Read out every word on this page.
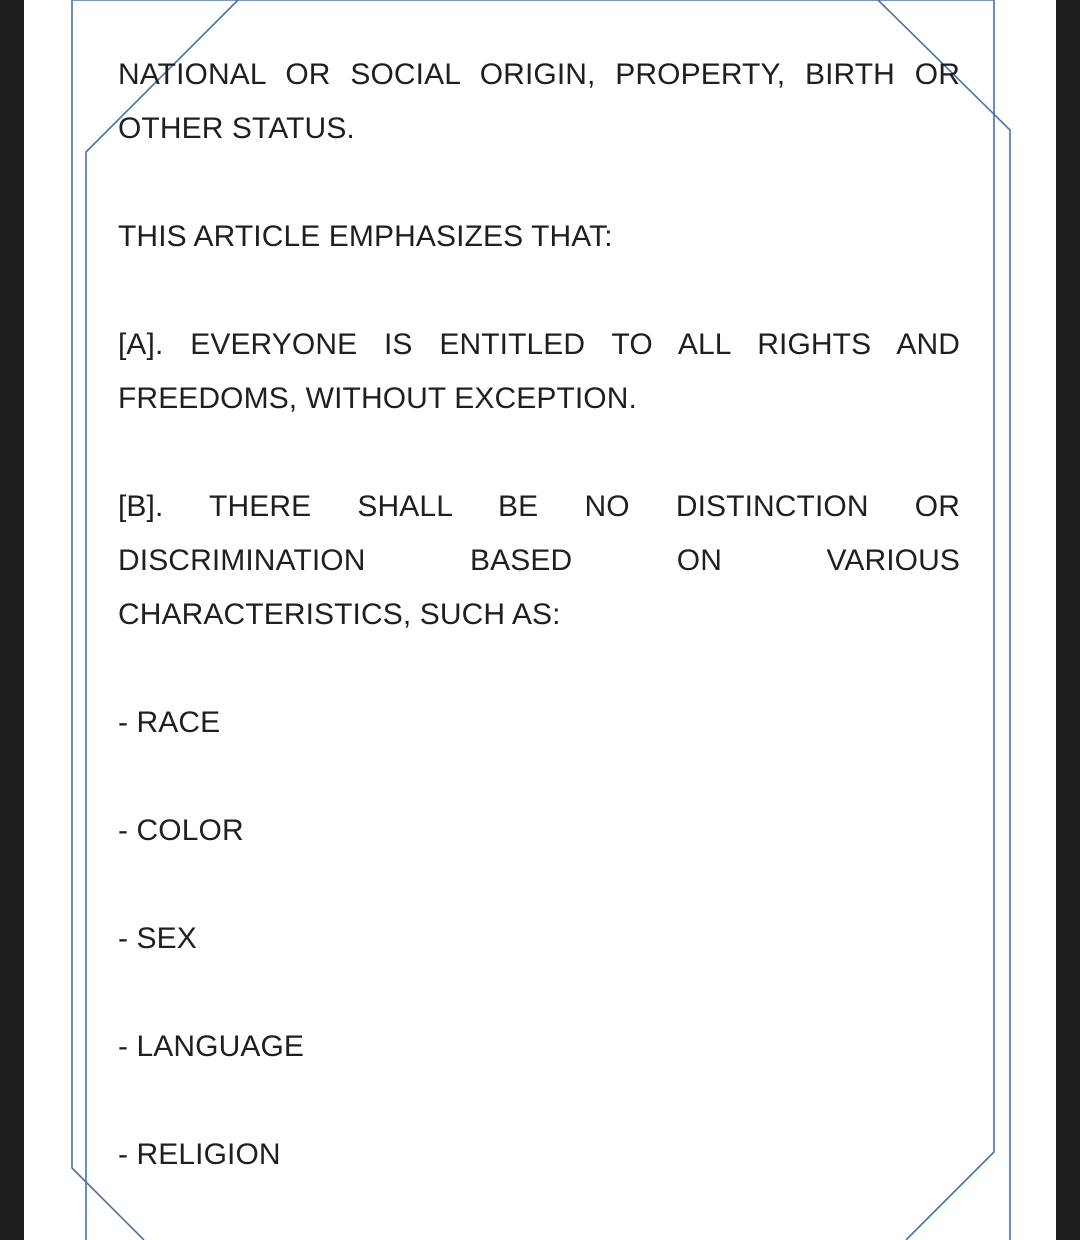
NATIONAL OR SOCIAL ORIGIN, PROPERTY, BIRTH OR OTHER STATUS.

THIS ARTICLE EMPHASIZES THAT:

[A]. EVERYONE IS ENTITLED TO ALL RIGHTS AND FREEDOMS, WITHOUT EXCEPTION.

[B]. THERE SHALL BE NO DISTINCTION OR DISCRIMINATION BASED ON VARIOUS CHARACTERISTICS, SUCH AS:

- RACE

- COLOR

- SEX

- LANGUAGE

- RELIGION
